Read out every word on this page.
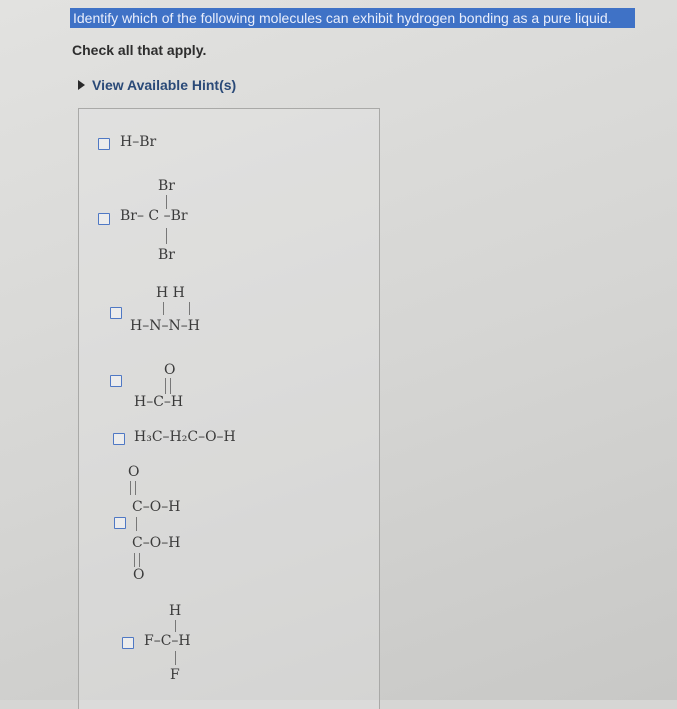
Identify which of the following molecules can exhibit hydrogen bonding as a pure liquid.
Check all that apply.
View Available Hint(s)
H–Br
Br
Br– C –Br
Br
H H
H–N–N–H
O
H–C–H
H₃C–H₂C–O–H
O
C–O–H
C–O–H
O
H
F–C–H
F
